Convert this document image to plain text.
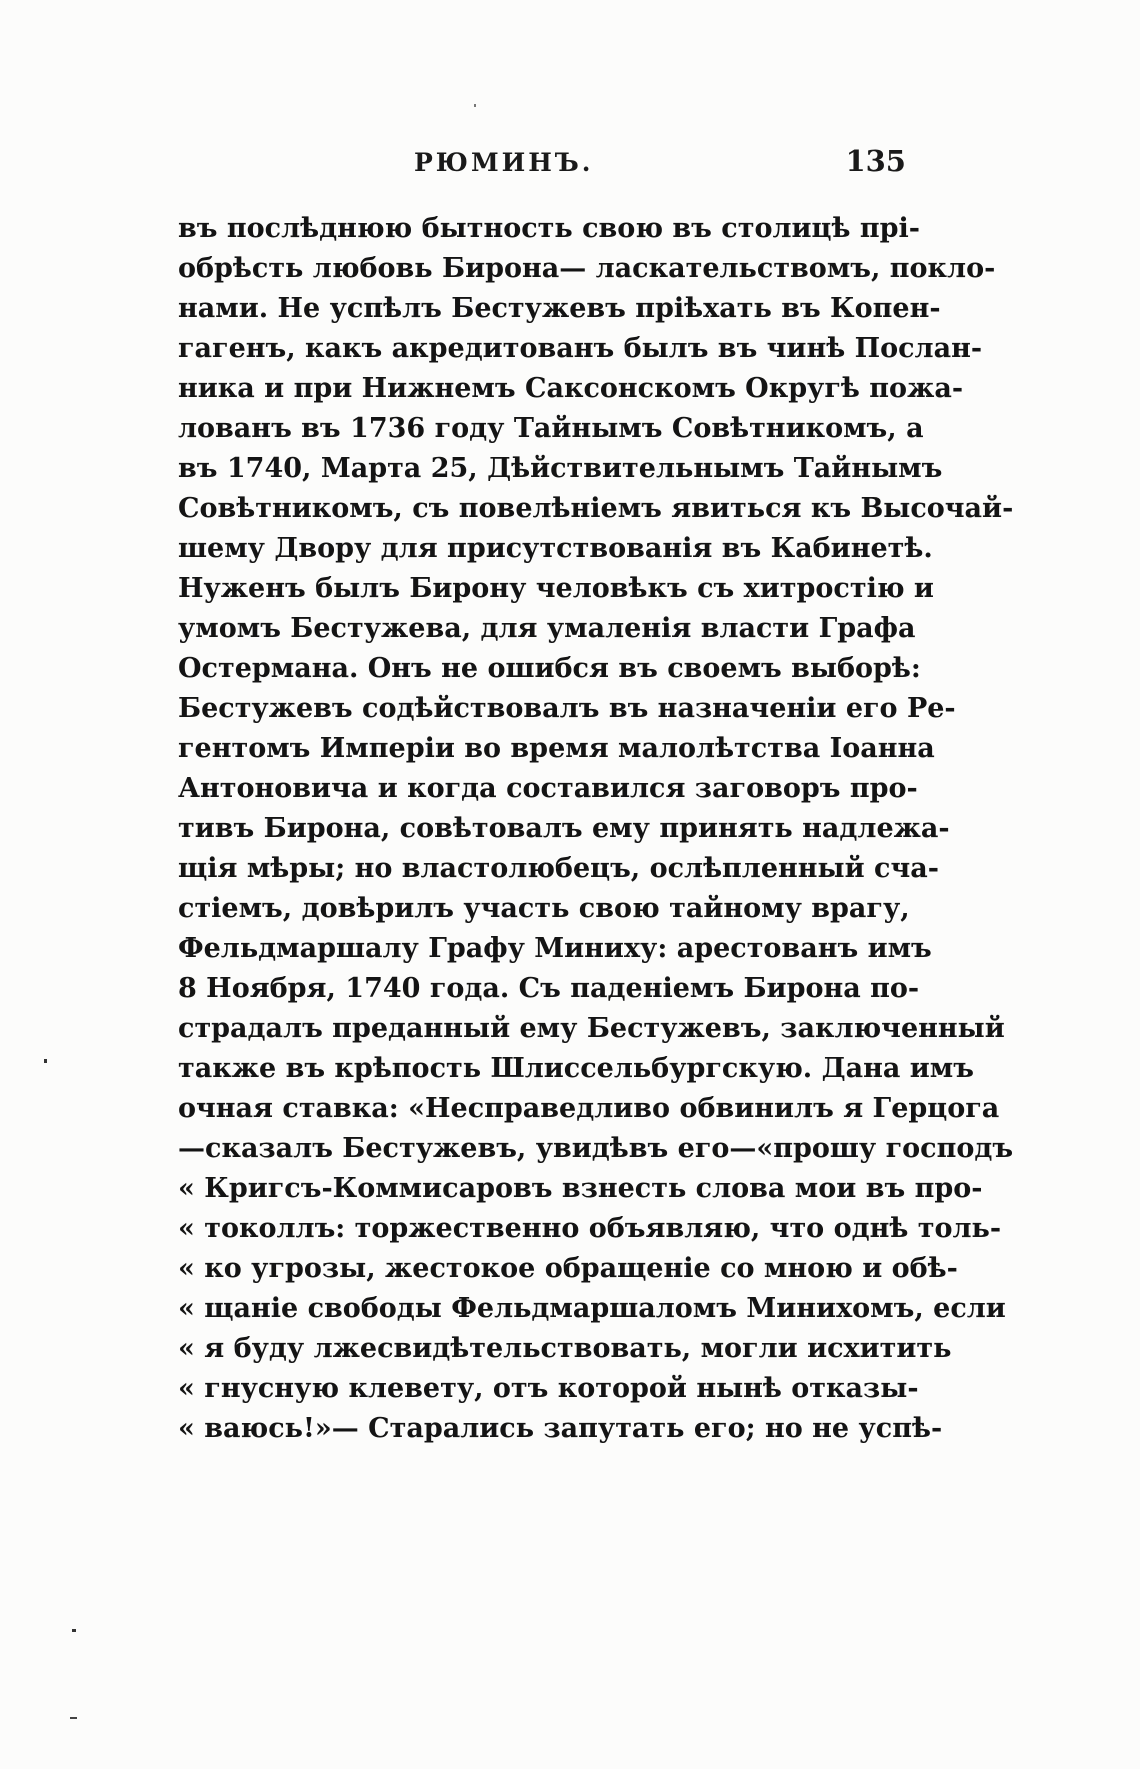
РЮМИНЪ.	135
въ послѣднюю бытность свою въ столицѣ прі-
обрѣсть любовь Бирона— ласкательствомъ, покло-
нами. Не успѣлъ Бестужевъ пріѣхать въ Копен-
гагенъ, какъ акредитованъ былъ въ чинѣ Послан-
ника и при Нижнемъ Саксонскомъ Округѣ пожа-
лованъ въ 1736 году Тайнымъ Совѣтникомъ, а
въ 1740, Марта 25, Дѣйствительнымъ Тайнымъ
Совѣтникомъ, съ повелѣніемъ явиться къ Высочай-
шему Двору для присутствованія въ Кабинетѣ.
Нуженъ былъ Бирону человѣкъ съ хитростію и
умомъ Бестужева, для умаленія власти Графа
Остермана. Онъ не ошибся въ своемъ выборѣ:
Бестужевъ содѣйствовалъ въ назначеніи его Ре-
гентомъ Имперіи во время малолѣтства Іоанна
Антоновича и когда составился заговоръ про-
тивъ Бирона, совѣтовалъ ему принять надлежа-
щія мѣры; но властолюбецъ, ослѣпленный сча-
стіемъ, довѣрилъ участь свою тайному врагу,
Фельдмаршалу Графу Миниху: арестованъ имъ
8 Ноября, 1740 года. Съ паденіемъ Бирона по-
страдалъ преданный ему Бестужевъ, заключенный
также въ крѣпость Шлиссельбургскую. Дана имъ
очная ставка: «Несправедливо обвинилъ я Герцога
—сказалъ Бестужевъ, увидѣвъ его—«прошу господъ
« Кригсъ-Коммисаровъ взнесть слова мои въ про-
« токоллъ: торжественно объявляю, что однѣ толь-
« ко угрозы, жестокое обращеніе со мною и обѣ-
« щаніе свободы Фельдмаршаломъ Минихомъ, если
« я буду лжесвидѣтельствовать, могли исхитить
« гнусную клевету, отъ которой нынѣ отказы-
« ваюсь!»— Старались запутать его; но не успѣ-
